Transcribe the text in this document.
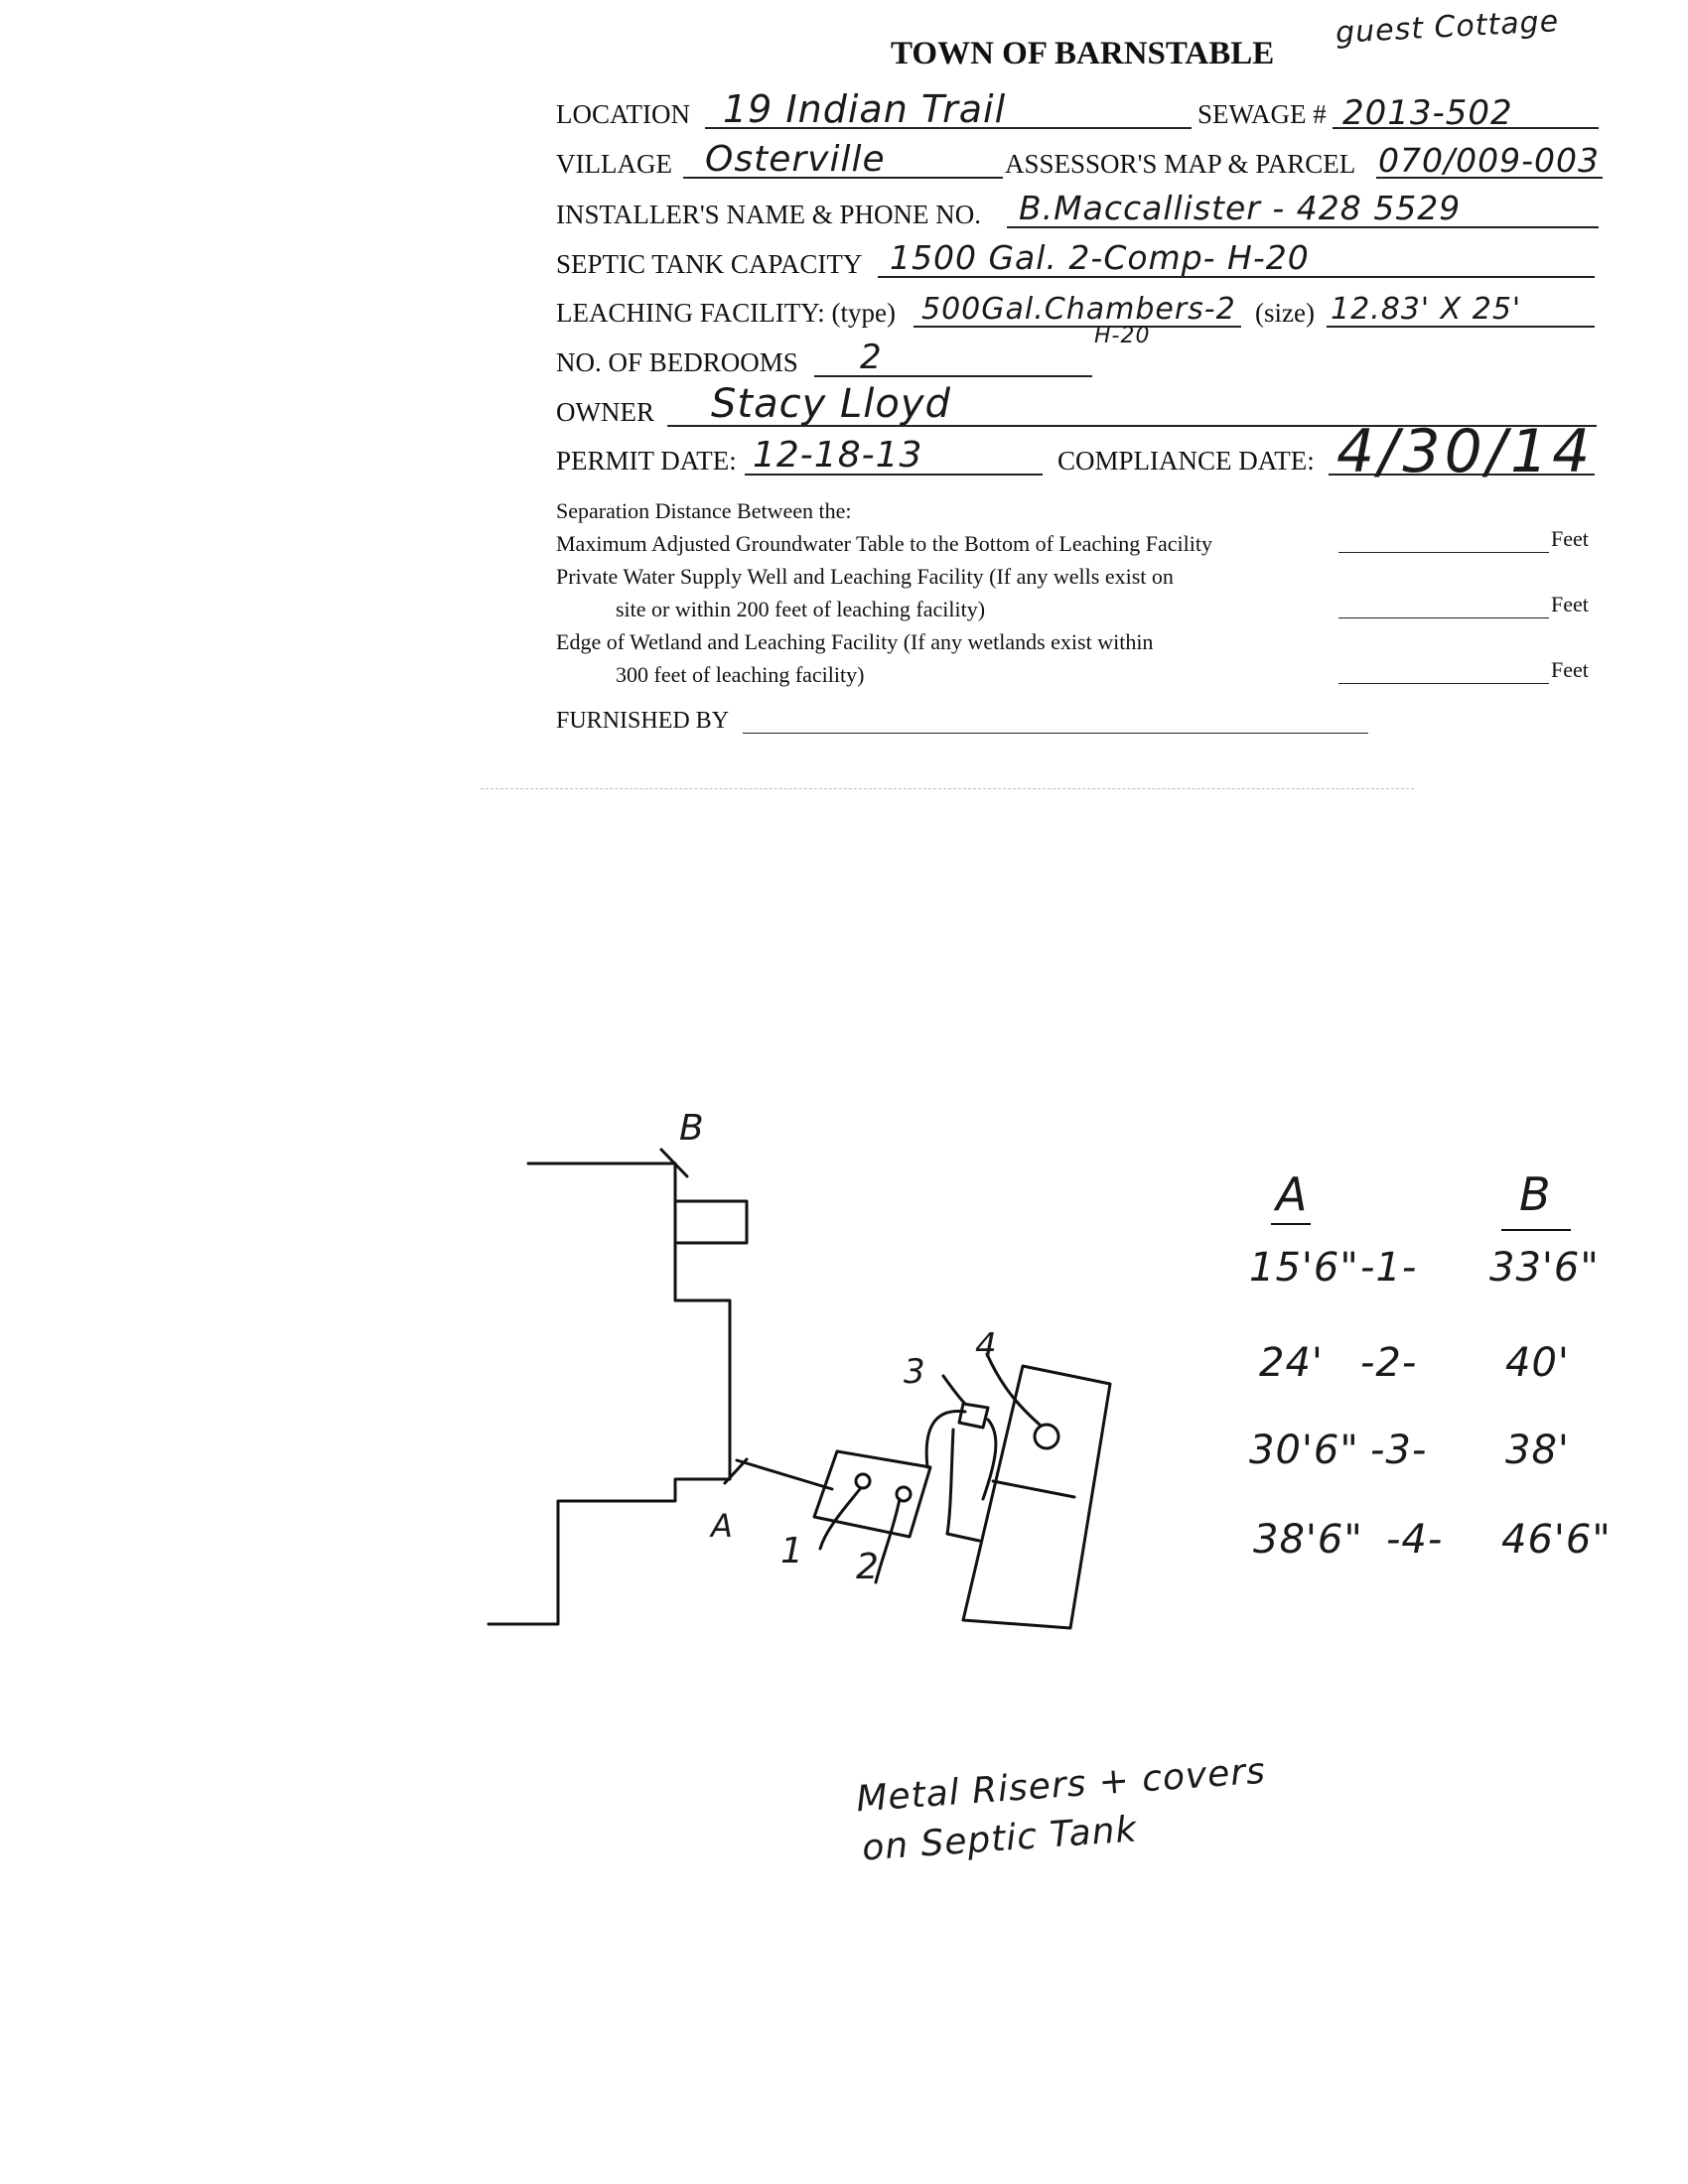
guest Cottage
TOWN OF BARNSTABLE
LOCATION 19 Indian Trail	SEWAGE # 2013-502
VILLAGE Osterville	ASSESSOR'S MAP & PARCEL 070/009-003
INSTALLER'S NAME & PHONE NO. B.Maccallister - 428 5529
SEPTIC TANK CAPACITY 1500 Gal. 2-Comp- H-20
LEACHING FACILITY: (type) 500Gal.Chambers-2
H-20
(size) 12.83' X 25'
NO. OF BEDROOMS 2
OWNER Stacy Lloyd
PERMIT DATE: 12-18-13	COMPLIANCE DATE: 4/30/14
Separation Distance Between the:
Maximum Adjusted Groundwater Table to the Bottom of Leaching Facility
Private Water Supply Well and Leaching Facility (If any wells exist on
site or within 200 feet of leaching facility)
Edge of Wetland and Leaching Facility (If any wetlands exist within
300 feet of leaching facility)
Feet
Feet
Feet
FURNISHED BY
B
A
1 2
3
4
A	B
15'6" -1- 33'6"
24' -2- 40'
30'6" -3- 38'
38'6" -4- 46'6"
Metal Risers + covers
on Septic Tank
